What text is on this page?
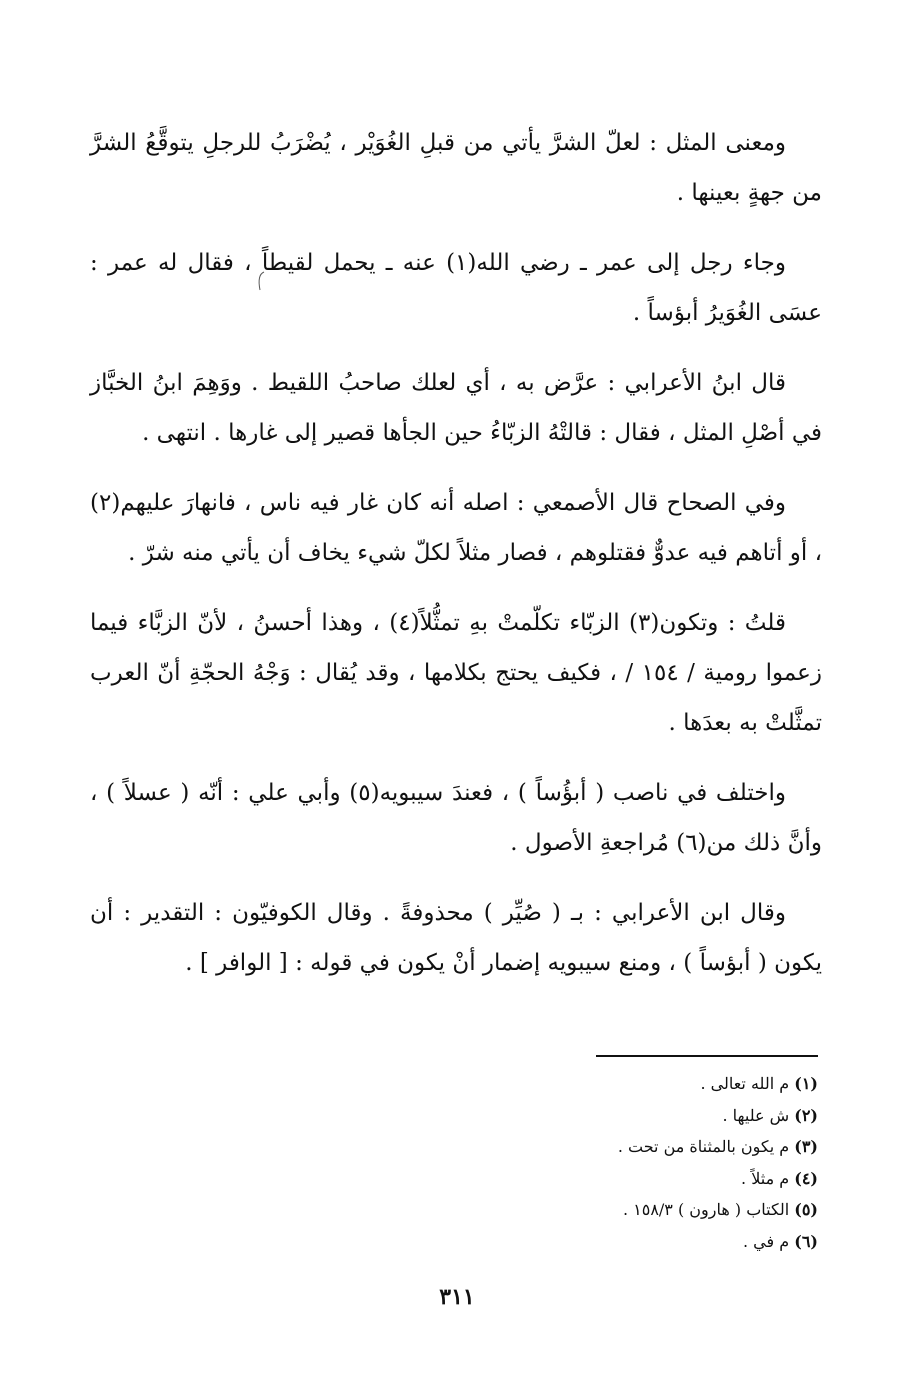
ومعنى المثل : لعلّ الشرَّ يأتي من قبلِ الغُوَيْر ، يُضْرَبُ للرجلِ يتوقَّعُ الشرَّ من جهةٍ بعينها .

وجاء رجل إلى عمر ـ رضي الله(١) عنه ـ يحمل لقيطاً ، فقال له عمر : عسَى الغُوَيرُ أبؤساً .

قال ابنُ الأعرابي : عرَّض به ، أي لعلك صاحبُ اللقيط . ووَهِمَ ابنُ الخبَّاز في أصْلِ المثل ، فقال : قالتْهُ الزبّاءُ حين الجأها قصير إلى غارها . انتهى .

وفي الصحاح قال الأصمعي : اصله أنه كان غار فيه ناس ، فانهارَ عليهم(٢) ، أو أتاهم فيه عدوٌّ فقتلوهم ، فصار مثلاً لكلّ شيء يخاف أن يأتي منه شرّ .

قلتُ : وتكون(٣) الزبّاء تكلّمتْ بهِ تمثُّلاً(٤) ، وهذا أحسنُ ، لأنّ الزبَّاء فيما زعموا رومية / ١٥٤ / ، فكيف يحتج بكلامها ، وقد يُقال : وَجْهُ الحجّةِ أنّ العرب تمثَّلتْ به بعدَها .

واختلف في ناصب ( أبؤُساً ) ، فعندَ سيبويه(٥) وأبي علي : أنّه ( عسلاً ) ، وأنَّ ذلك من(٦) مُراجعةِ الأصول .

وقال ابن الأعرابي : بـ ( صُيِّر ) محذوفةً . وقال الكوفيّون : التقدير : أن يكون ( أبؤساً ) ، ومنع سيبويه إضمار أنْ يكون في قوله : [ الوافر ] .

(١) م الله تعالى .
(٢) ش عليها .
(٣) م يكون بالمثناة من تحت .
(٤) م مثلاً .
(٥) الكتاب ( هارون ) ١٥٨/٣ .
(٦) م في .
٣١١
